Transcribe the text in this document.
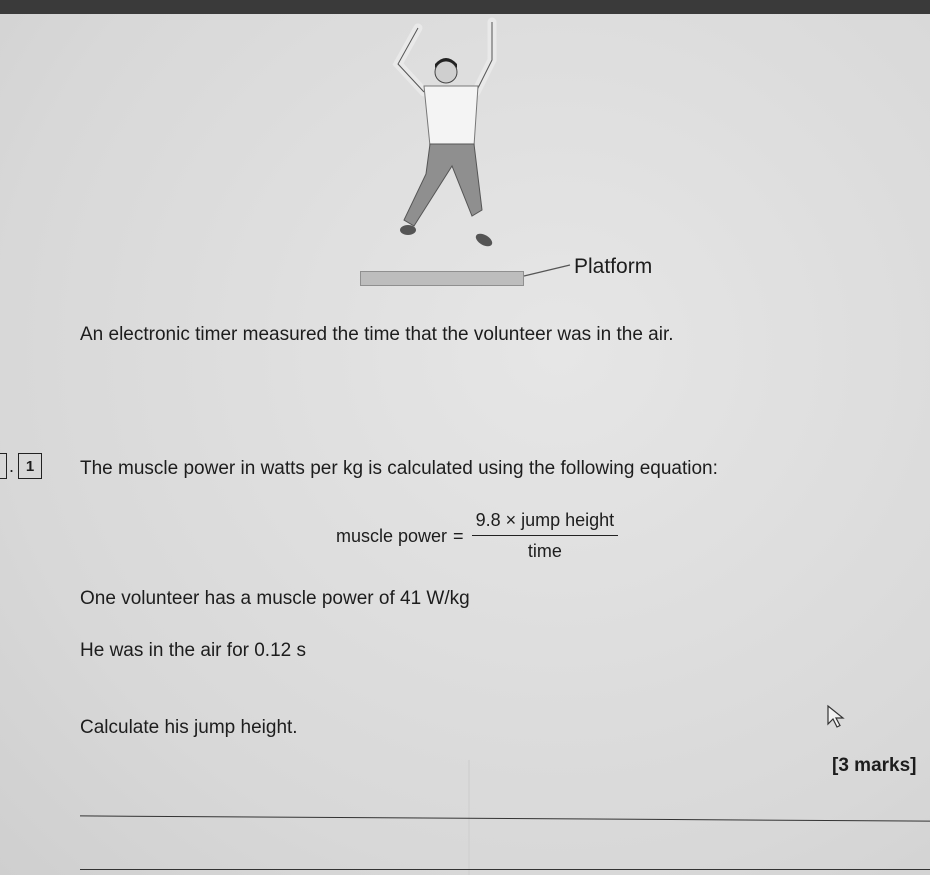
Platform
An electronic timer measured the time that the volunteer was in the air.
. 1	The muscle power in watts per kg is calculated using the following equation:
muscle power = $\frac{\text{9.8 × jump height}}{\text{time}}$
One volunteer has a muscle power of 41 W/kg
He was in the air for 0.12 s
Calculate his jump height.
[3 marks]
